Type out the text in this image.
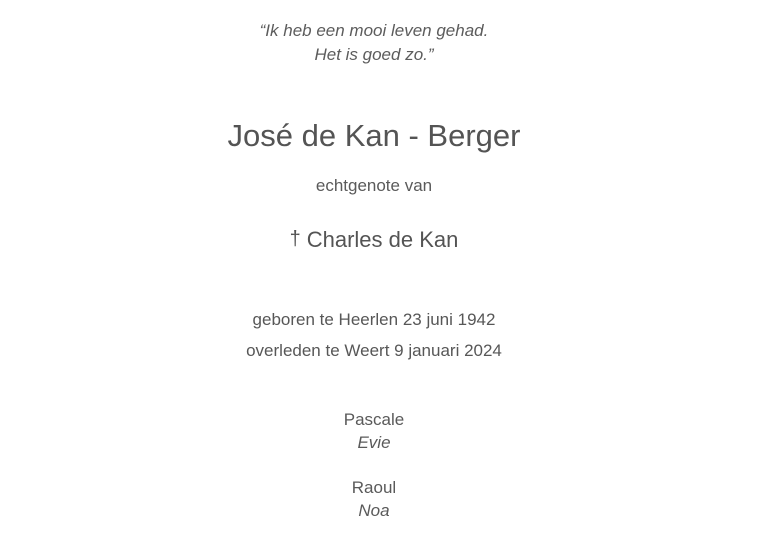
“Ik heb een mooi leven gehad.
Het is goed zo.”
José de Kan - Berger
echtgenote van
† Charles de Kan
geboren te Heerlen 23 juni 1942
overleden te Weert 9 januari 2024
Pascale
Evie
Raoul
Noa
